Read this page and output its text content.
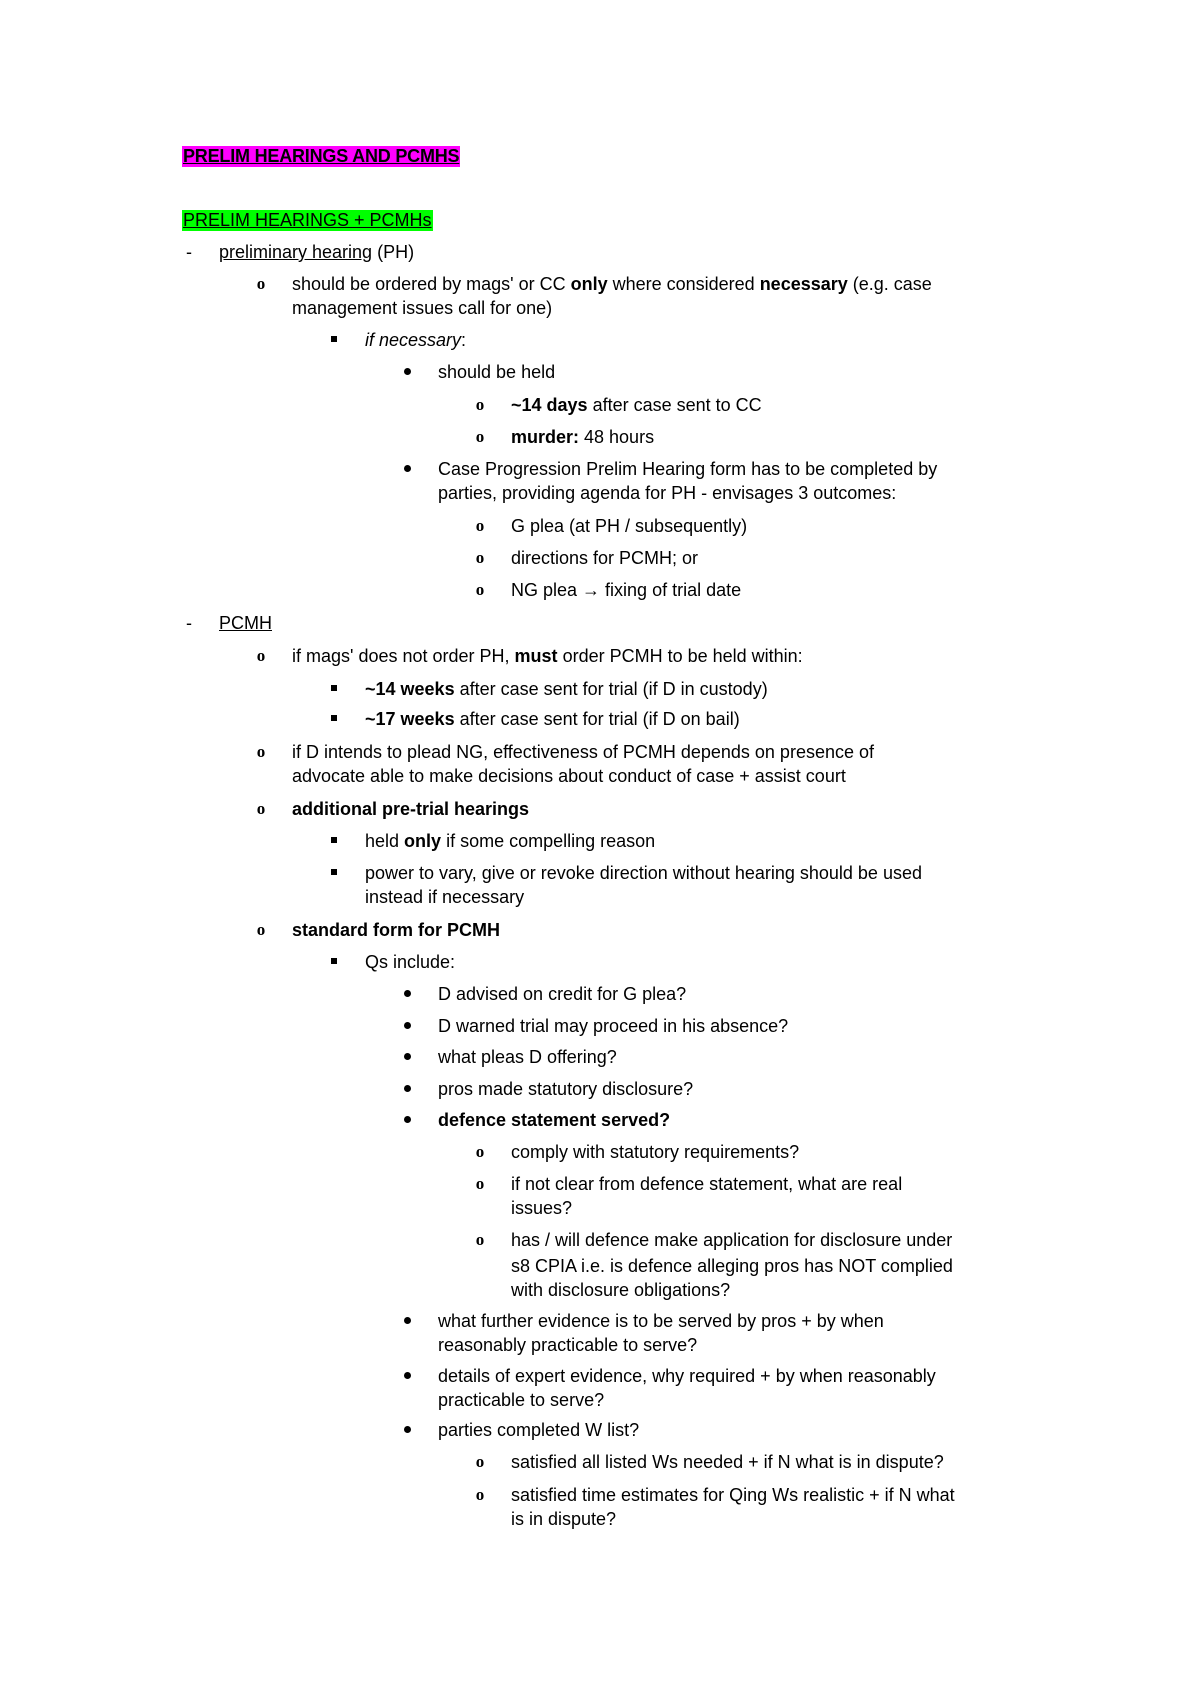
PRELIM HEARINGS AND PCMHS
PRELIM HEARINGS + PCMHs
- preliminary hearing (PH)
o should be ordered by mags' or CC only where considered necessary (e.g. case
management issues call for one)
if necessary:
should be held
o ~14 days after case sent to CC
o murder: 48 hours
Case Progression Prelim Hearing form has to be completed by
parties, providing agenda for PH - envisages 3 outcomes:
o G plea (at PH / subsequently)
o directions for PCMH; or
o NG plea → fixing of trial date
- PCMH
o if mags' does not order PH, must order PCMH to be held within:
~14 weeks after case sent for trial (if D in custody)
~17 weeks after case sent for trial (if D on bail)
o if D intends to plead NG, effectiveness of PCMH depends on presence of
advocate able to make decisions about conduct of case + assist court
o additional pre-trial hearings
held only if some compelling reason
power to vary, give or revoke direction without hearing should be used
instead if necessary
o standard form for PCMH
Qs include:
D advised on credit for G plea?
D warned trial may proceed in his absence?
what pleas D offering?
pros made statutory disclosure?
defence statement served?
o comply with statutory requirements?
o if not clear from defence statement, what are real
issues?
o has / will defence make application for disclosure under
s8 CPIA i.e. is defence alleging pros has NOT complied
with disclosure obligations?
what further evidence is to be served by pros + by when
reasonably practicable to serve?
details of expert evidence, why required + by when reasonably
practicable to serve?
parties completed W list?
o satisfied all listed Ws needed + if N what is in dispute?
o satisfied time estimates for Qing Ws realistic + if N what
is in dispute?
